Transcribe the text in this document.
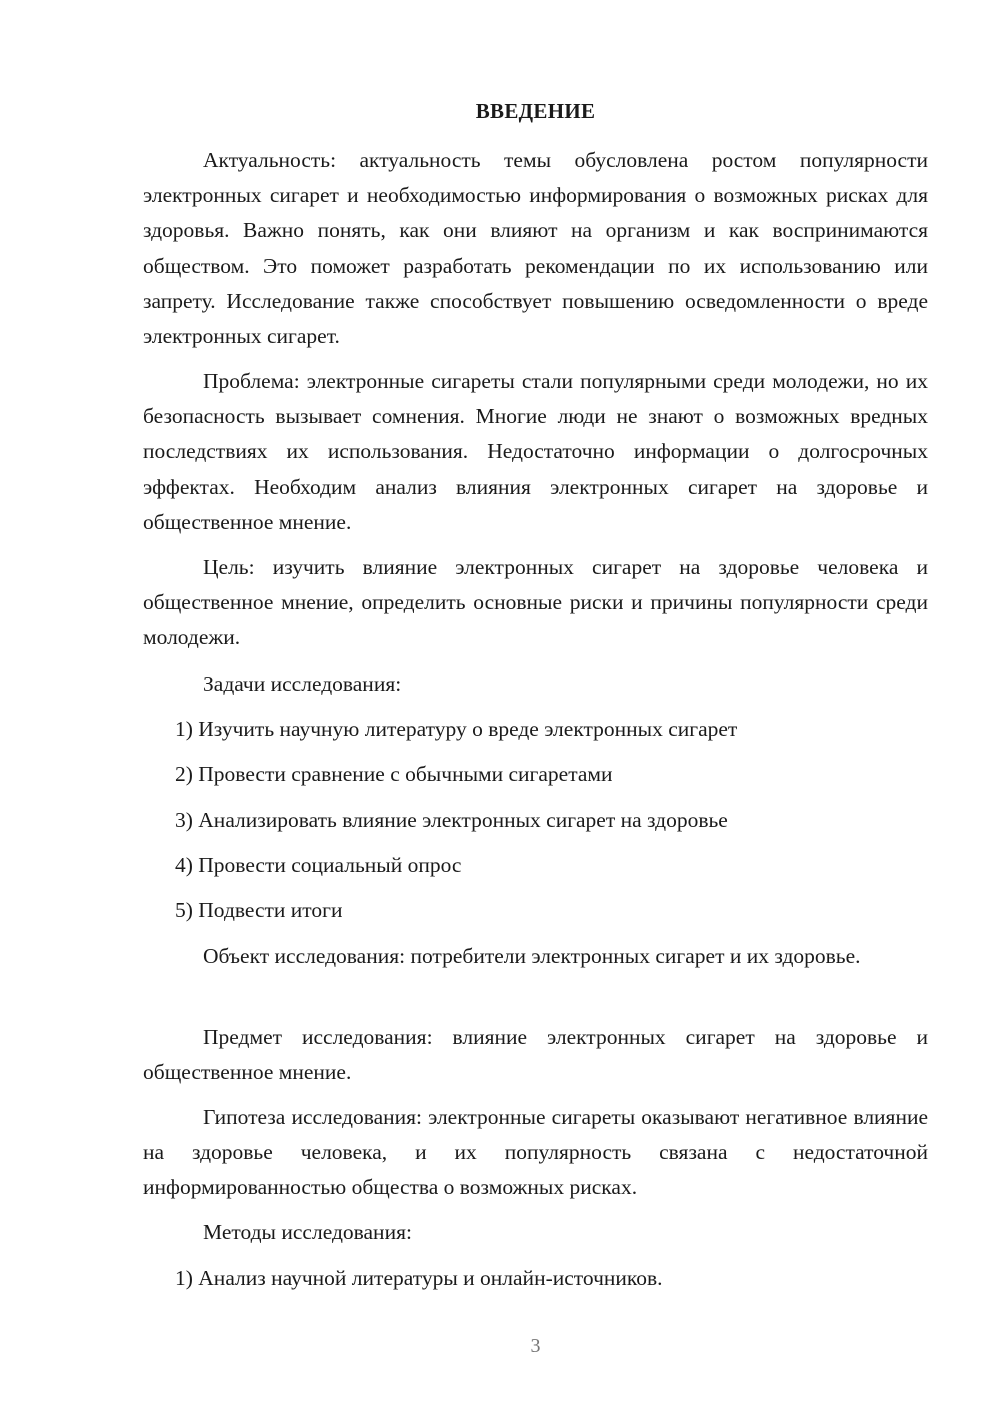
ВВЕДЕНИЕ

Актуальность: актуальность темы обусловлена ростом популярности электронных сигарет и необходимостью информирования о возможных рисках для здоровья. Важно понять, как они влияют на организм и как воспринимаются обществом. Это поможет разработать рекомендации по их использованию или запрету. Исследование также способствует повышению осведомленности о вреде электронных сигарет.

Проблема: электронные сигареты стали популярными среди молодежи, но их безопасность вызывает сомнения. Многие люди не знают о возможных вредных последствиях их использования. Недостаточно информации о долгосрочных эффектах. Необходим анализ влияния электронных сигарет на здоровье и общественное мнение.

Цель: изучить влияние электронных сигарет на здоровье человека и общественное мнение, определить основные риски и причины популярности среди молодежи.

Задачи исследования:

1) Изучить научную литературу о вреде электронных сигарет

2) Провести сравнение с обычными сигаретами

3) Анализировать влияние электронных сигарет на здоровье

4) Провести социальный опрос

5) Подвести итоги

Объект исследования: потребители электронных сигарет и их здоровье.

Предмет исследования: влияние электронных сигарет на здоровье и общественное мнение.

Гипотеза исследования: электронные сигареты оказывают негативное влияние на здоровье человека, и их популярность связана с недостаточной информированностью общества о возможных рисках.

Методы исследования:

1) Анализ научной литературы и онлайн-источников.

3
